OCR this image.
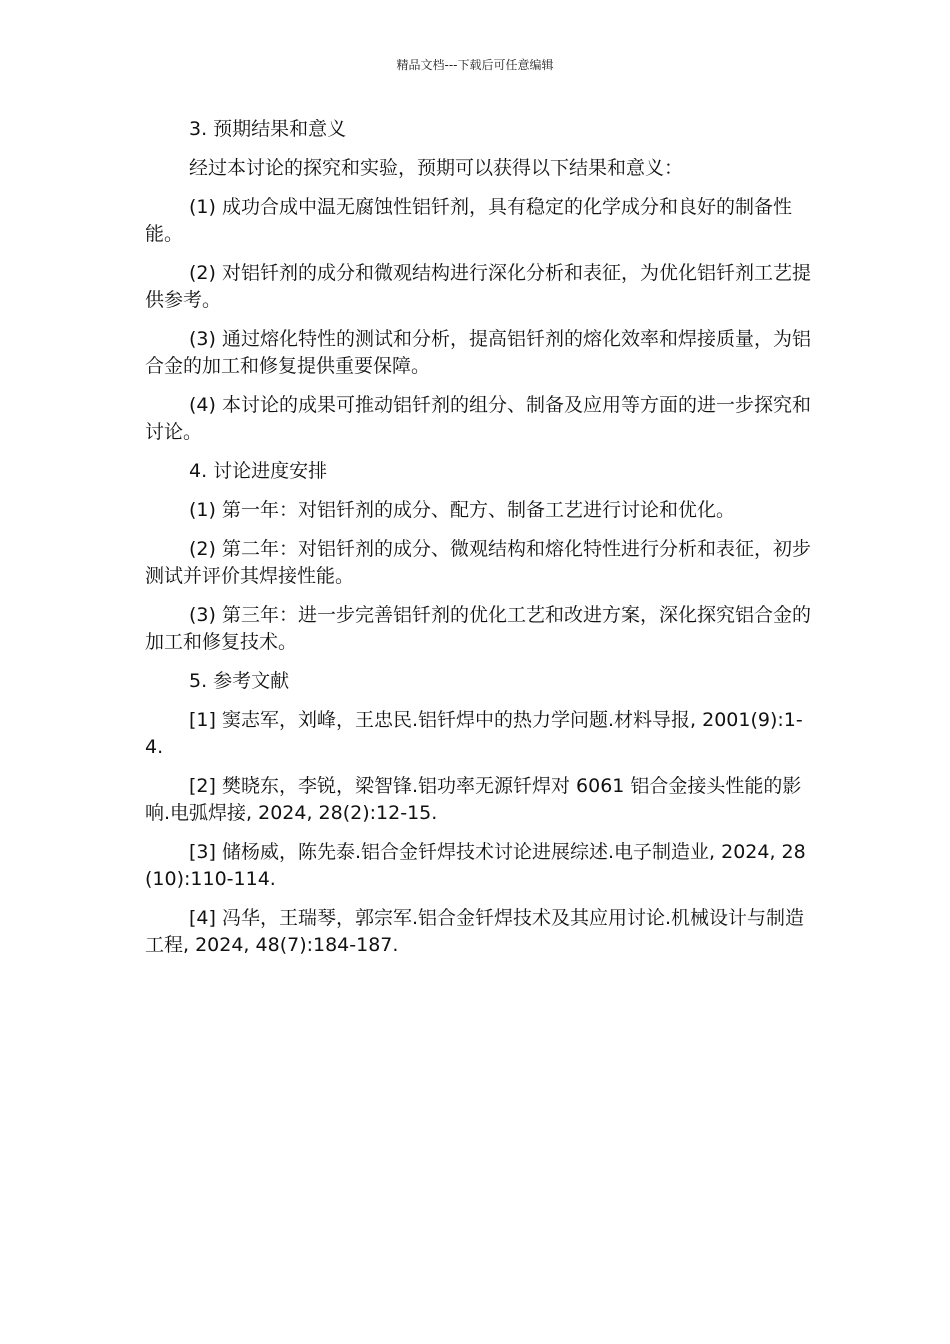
精品文档---下载后可任意编辑

3. 预期结果和意义

经过本讨论的探究和实验，预期可以获得以下结果和意义：

(1) 成功合成中温无腐蚀性铝钎剂，具有稳定的化学成分和良好的制备性能。

(2) 对铝钎剂的成分和微观结构进行深化分析和表征，为优化铝钎剂工艺提供参考。

(3) 通过熔化特性的测试和分析，提高铝钎剂的熔化效率和焊接质量，为铝合金的加工和修复提供重要保障。

(4) 本讨论的成果可推动铝钎剂的组分、制备及应用等方面的进一步探究和讨论。

4. 讨论进度安排

(1) 第一年：对铝钎剂的成分、配方、制备工艺进行讨论和优化。

(2) 第二年：对铝钎剂的成分、微观结构和熔化特性进行分析和表征，初步测试并评价其焊接性能。

(3) 第三年：进一步完善铝钎剂的优化工艺和改进方案，深化探究铝合金的加工和修复技术。

5. 参考文献

[1] 窦志军，刘峰，王忠民.铝钎焊中的热力学问题.材料导报, 2001(9):1-4.

[2] 樊晓东，李锐，梁智锋.铝功率无源钎焊对 6061 铝合金接头性能的影响.电弧焊接, 2024, 28(2):12-15.

[3] 储杨威，陈先泰.铝合金钎焊技术讨论进展综述.电子制造业, 2024, 28(10):110-114.

[4] 冯华，王瑞琴，郭宗军.铝合金钎焊技术及其应用讨论.机械设计与制造工程, 2024, 48(7):184-187.
